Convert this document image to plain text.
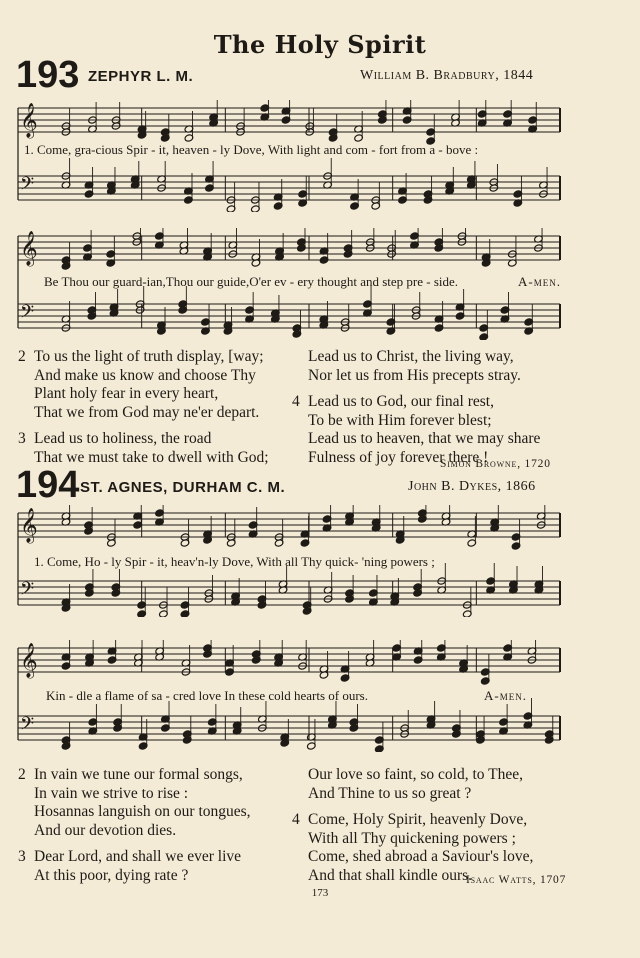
The Holy Spirit
193 ZEPHYR L. M.	William B. Bradbury, 1844
𝄞
𝄢
1. Come, gra-cious Spir - it, heaven - ly Dove, With light and com - fort from a - bove :
𝄞
𝄢
Be Thou our guard-ian,Thou our guide,O'er ev - ery thought and step pre - side.	A-men.

2 To us the light of truth display, [way;

And make us know and choose Thy

Plant holy fear in every heart,

That we from God may ne'er depart.

3 Lead us to holiness, the road

That we must take to dwell with God;

Lead us to Christ, the living way,

Nor let us from His precepts stray.

4 Lead us to God, our final rest,

To be with Him forever blest;

Lead us to heaven, that we may share

Fulness of joy forever there !

Simon Browne, 1720
194 ST. AGNES, DURHAM C. M.	John B. Dykes, 1866
𝄞
𝄢
1. Come, Ho - ly Spir - it, heav'n-ly Dove, With all Thy quick- 'ning powers ;
𝄞
𝄢
Kin - dle a flame of sa - cred love In these cold hearts of ours.	A-men.

2 In vain we tune our formal songs,

In vain we strive to rise :

Hosannas languish on our tongues,

And our devotion dies.

3 Dear Lord, and shall we ever live

At this poor, dying rate ?

Our love so faint, so cold, to Thee,

And Thine to us so great ?

4 Come, Holy Spirit, heavenly Dove,

With all Thy quickening powers ;

Come, shed abroad a Saviour's love,

And that shall kindle ours.

Isaac Watts, 1707
173
